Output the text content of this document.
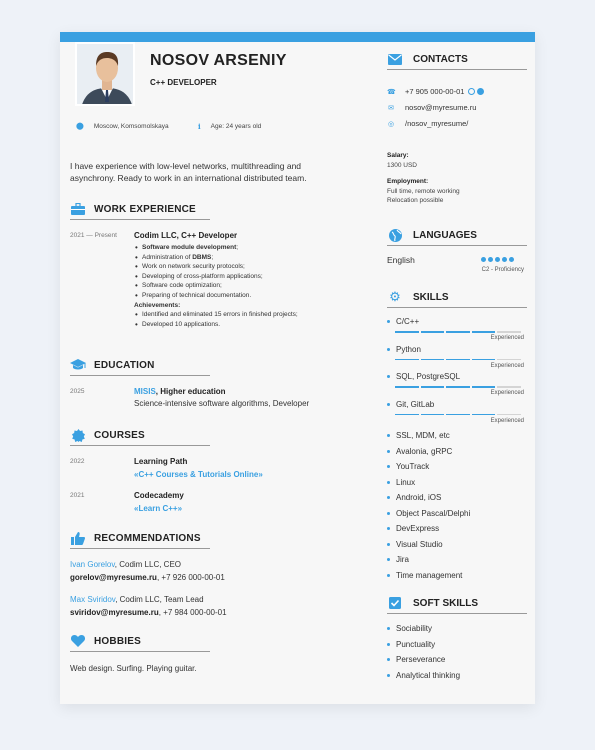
NOSOV ARSENIY
C++ DEVELOPER
⬤ Moscow, Komsomolskaya	i Age: 24 years old
I have experience with low-level networks, multithreading and asynchrony. Ready to work in an international distributed team.
WORK EXPERIENCE
2021 — Present Codim LLC, C++ Developer
• Software module development;
• Administration of DBMS;
• Work on network security protocols;
• Developing of cross-platform applications;
• Software code optimization;
• Preparing of technical documentation.
Achievements:
• Identified and eliminated 15 errors in finished projects;
• Developed 10 applications.
EDUCATION
2025	MISIS, Higher education
Science-intensive software algorithms, Developer
COURSES
2022	Learning Path
«C++ Courses & Tutorials Online»
2021	Codecademy
«Learn C++»
RECOMMENDATIONS
Ivan Gorelov, Codim LLC, CEO
gorelov@myresume.ru, +7 926 000-00-01
Max Sviridov, Codim LLC, Team Lead
sviridov@myresume.ru, +7 984 000-00-01
HOBBIES
Web design. Surfing. Playing guitar.
CONTACTS
☎ +7 905 000-00-01
✉ nosov@myresume.ru
◎ /nosov_myresume/
Salary:
1300 USD
Employment:
Full time, remote working
Relocation possible
LANGUAGES
English
C2 - Proficiency
⚙ SKILLS
C/C++
Experienced
Python
Experienced
SQL, PostgreSQL
Experienced
Git, GitLab
Experienced
SSL, MDM, etc
Avalonia, gRPC
YouTrack
Linux
Android, iOS
Object Pascal/Delphi
DevExpress
Visual Studio
Jira
Time management
SOFT SKILLS
Sociability
Punctuality
Perseverance
Analytical thinking
